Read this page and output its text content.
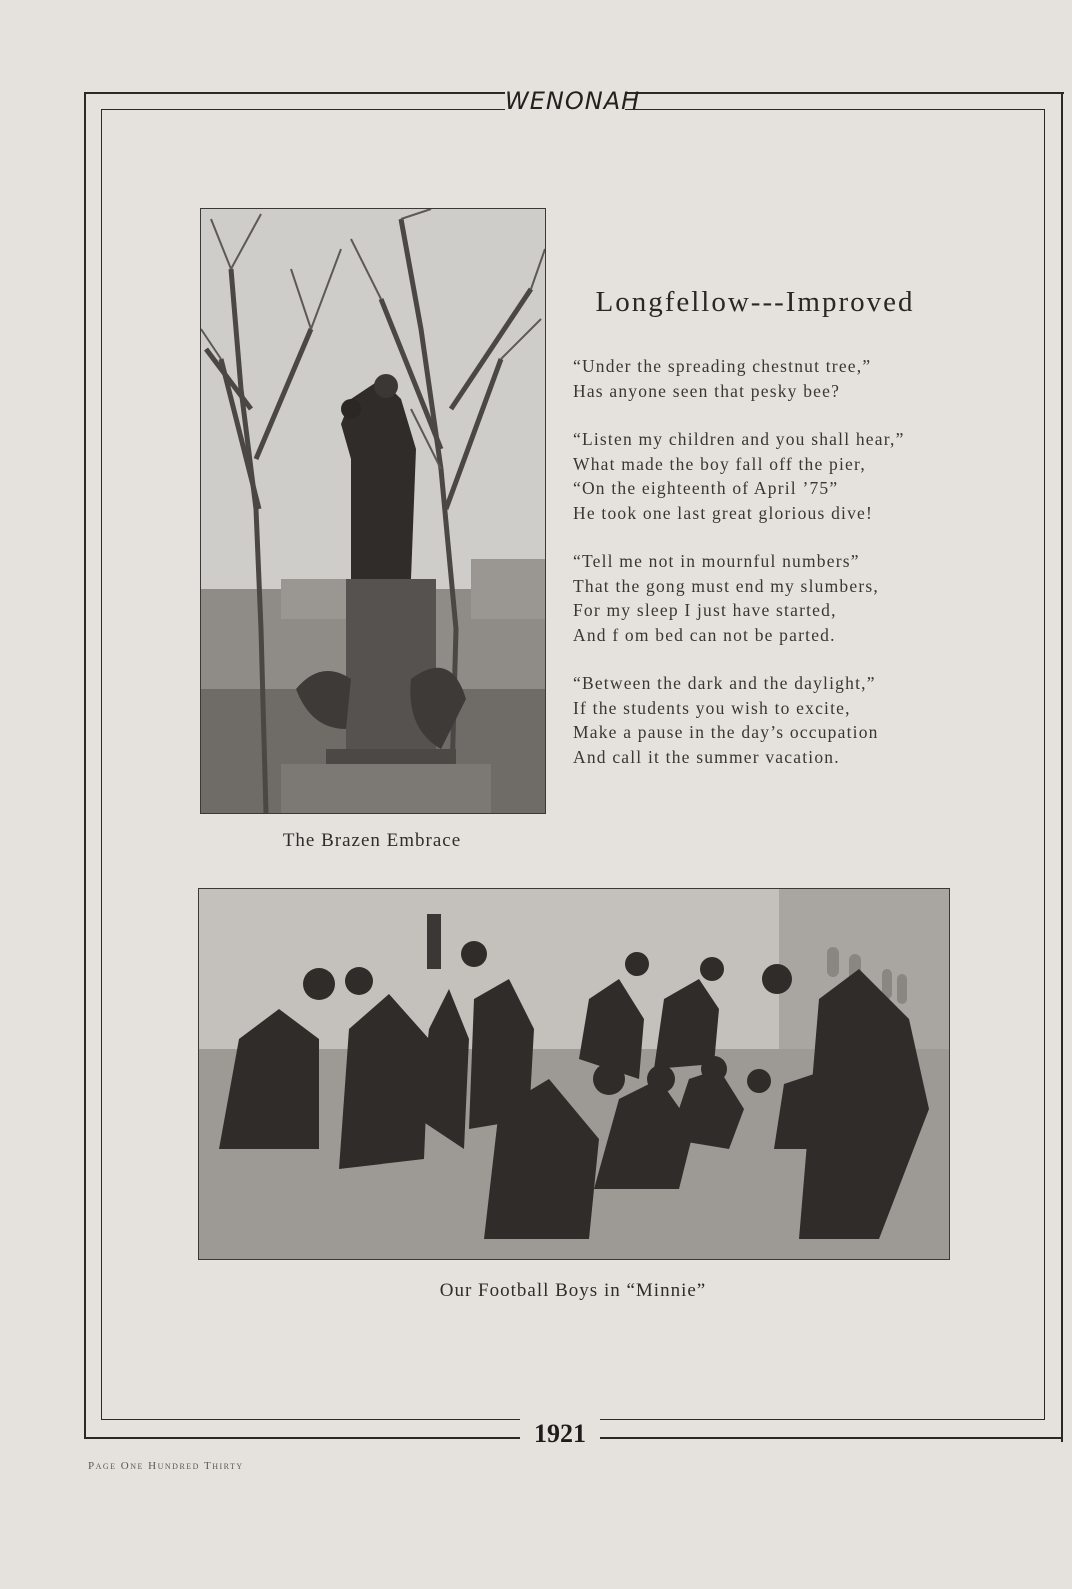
WENONAH
The Brazen Embrace
Longfellow---Improved
“Under the spreading chestnut tree,”
Has anyone seen that pesky bee?
“Listen my children and you shall hear,”
What made the boy fall off the pier,
“On the eighteenth of April ’75”
He took one last great glorious dive!
“Tell me not in mournful numbers”
That the gong must end my slumbers,
For my sleep I just have started,
And f om bed can not be parted.
“Between the dark and the daylight,”
If the students you wish to excite,
Make a pause in the day’s occupation
And call it the summer vacation.
Our Football Boys in “Minnie”
1921
Page One Hundred Thirty
